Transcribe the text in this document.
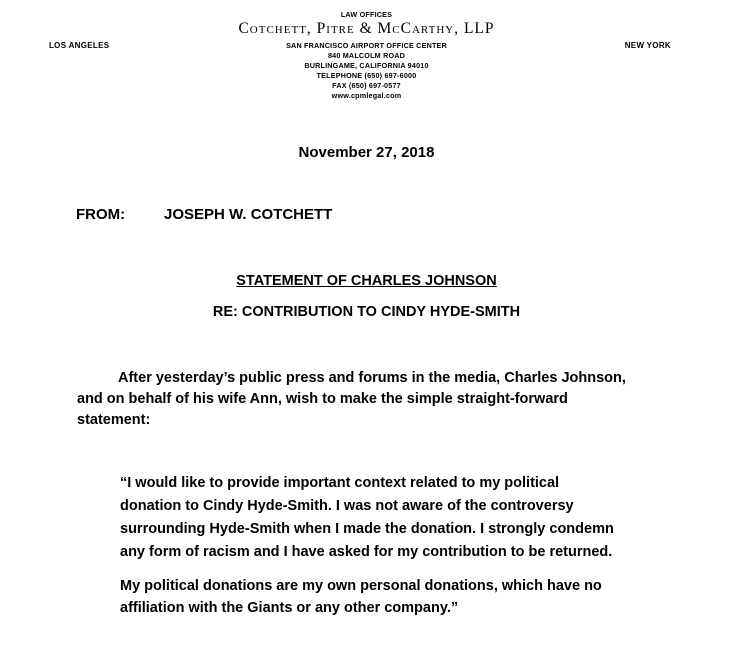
LAW OFFICES
Cotchett, Pitre & McCarthy, LLP
LOS ANGELES	NEW YORK
SAN FRANCISCO AIRPORT OFFICE CENTER
840 MALCOLM ROAD
BURLINGAME, CALIFORNIA 94010
TELEPHONE (650) 697-6000
FAX (650) 697-0577
www.cpmlegal.com
November 27, 2018
FROM:	JOSEPH W. COTCHETT
STATEMENT OF CHARLES JOHNSON
RE: CONTRIBUTION TO CINDY HYDE-SMITH
After yesterday’s public press and forums in the media, Charles Johnson,
and on behalf of his wife Ann, wish to make the simple straight-forward
statement:
“I would like to provide important context related to my political
donation to Cindy Hyde-Smith. I was not aware of the controversy
surrounding Hyde-Smith when I made the donation. I strongly condemn
any form of racism and I have asked for my contribution to be returned.
My political donations are my own personal donations, which have no
affiliation with the Giants or any other company.”
